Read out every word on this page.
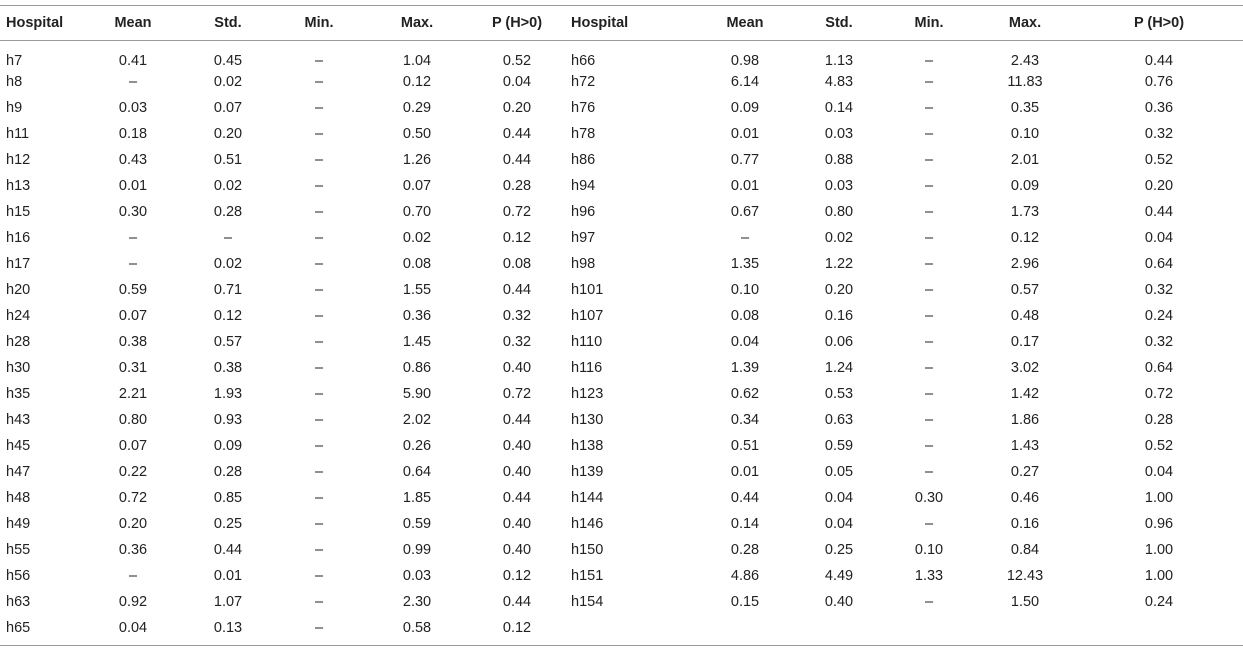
Hospital	Mean	Std.	Min.	Max.	P (H>0)	Hospital	Mean	Std.	Min.	Max.	P (H>0)
h7	0.41	0.45	–	1.04	0.52	h66	0.98	1.13	–	2.43	0.44
h8	–	0.02	–	0.12	0.04	h72	6.14	4.83	–	11.83	0.76
h9	0.03	0.07	–	0.29	0.20	h76	0.09	0.14	–	0.35	0.36
h11	0.18	0.20	–	0.50	0.44	h78	0.01	0.03	–	0.10	0.32
h12	0.43	0.51	–	1.26	0.44	h86	0.77	0.88	–	2.01	0.52
h13	0.01	0.02	–	0.07	0.28	h94	0.01	0.03	–	0.09	0.20
h15	0.30	0.28	–	0.70	0.72	h96	0.67	0.80	–	1.73	0.44
h16	–	–	–	0.02	0.12	h97	–	0.02	–	0.12	0.04
h17	–	0.02	–	0.08	0.08	h98	1.35	1.22	–	2.96	0.64
h20	0.59	0.71	–	1.55	0.44	h101	0.10	0.20	–	0.57	0.32
h24	0.07	0.12	–	0.36	0.32	h107	0.08	0.16	–	0.48	0.24
h28	0.38	0.57	–	1.45	0.32	h110	0.04	0.06	–	0.17	0.32
h30	0.31	0.38	–	0.86	0.40	h116	1.39	1.24	–	3.02	0.64
h35	2.21	1.93	–	5.90	0.72	h123	0.62	0.53	–	1.42	0.72
h43	0.80	0.93	–	2.02	0.44	h130	0.34	0.63	–	1.86	0.28
h45	0.07	0.09	–	0.26	0.40	h138	0.51	0.59	–	1.43	0.52
h47	0.22	0.28	–	0.64	0.40	h139	0.01	0.05	–	0.27	0.04
h48	0.72	0.85	–	1.85	0.44	h144	0.44	0.04	0.30	0.46	1.00
h49	0.20	0.25	–	0.59	0.40	h146	0.14	0.04	–	0.16	0.96
h55	0.36	0.44	–	0.99	0.40	h150	0.28	0.25	0.10	0.84	1.00
h56	–	0.01	–	0.03	0.12	h151	4.86	4.49	1.33	12.43	1.00
h63	0.92	1.07	–	2.30	0.44	h154	0.15	0.40	–	1.50	0.24
h65	0.04	0.13	–	0.58	0.12						
